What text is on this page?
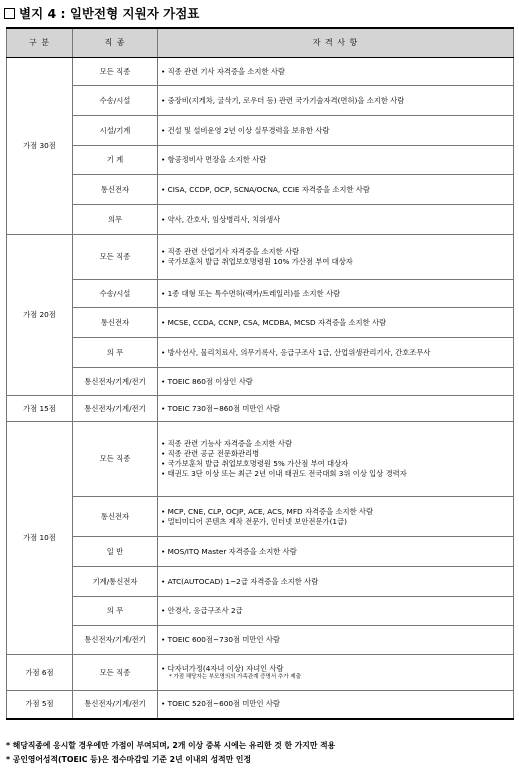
별지 4 : 일반전형 지원자 가점표
구 분	직 종	자 격 사 항
가점 30점	모든 직종	• 직종 관련 기사 자격증을 소지한 사람

	수송/시설	• 중장비(지게차, 굴삭기, 로우더 등) 관련 국가기술자격(면허)을 소지한 사람

	시설/기계	• 건설 및 설비운영 2년 이상 실무경력을 보유한 사람

	기 계	• 항공정비사 면장을 소지한 사람

	통신전자	• CISA, CCDP, OCP, SCNA/OCNA, CCIE 자격증을 소지한 사람

	의무	• 약사, 간호사, 임상병리사, 치위생사

가점 20점	모든 직종	• 직종 관련 산업기사 자격증을 소지한 사람
• 국가보훈처 발급 취업보호명령원 10% 가산점 부여 대상자

	수송/시설	• 1종 대형 또는 특수면허(렉카/트레일러)를 소지한 사람

	통신전자	• MCSE, CCDA, CCNP, CSA, MCDBA, MCSD 자격증을 소지한 사람

	의 무	• 방사선사, 물리치료사, 의무기록사, 응급구조사 1급, 산업위생관리기사, 간호조무사

	통신전자/기계/전기	• TOEIC 860점 이상인 사람

가점 15점	통신전자/기계/전기	• TOEIC 730점~860점 미만인 사람

가점 10점	모든 직종	• 직종 관련 기능사 자격증을 소지한 사람
• 직종 관련 공군 전문화관리병
• 국가보훈처 발급 취업보호명령원 5% 가산점 부여 대상자
• 태권도 3단 이상 또는 최근 2년 이내 태권도 전국대회 3위 이상 입상 경력자

	통신전자	• MCP, CNE, CLP, OCJP, ACE, ACS, MFD 자격증을 소지한 사람
• 멀티미디어 콘텐츠 제작 전문가, 인터넷 보안전문가(1급)

	일 반	• MOS/ITQ Master 자격증을 소지한 사람

	기계/통신전자	• ATC(AUTOCAD) 1~2급 자격증을 소지한 사람

	의 무	• 안경사, 응급구조사 2급

	통신전자/기계/전기	• TOEIC 600점~730점 미만인 사람

가점 6점	모든 직종	• 다자녀가정(4자녀 이상) 자녀인 사람
* 가점 해당자는 부모명의의 가족관계 증명서 추가 제출

가점 5점	통신전자/기계/전기	• TOEIC 520점~600점 미만인 사람
* 해당직종에 응시할 경우에만 가점이 부여되며, 2개 이상 중복 시에는 유리한 것 한 가지만 적용
* 공인영어성적(TOEIC 등)은 접수마감일 기준 2년 이내의 성적만 인정
